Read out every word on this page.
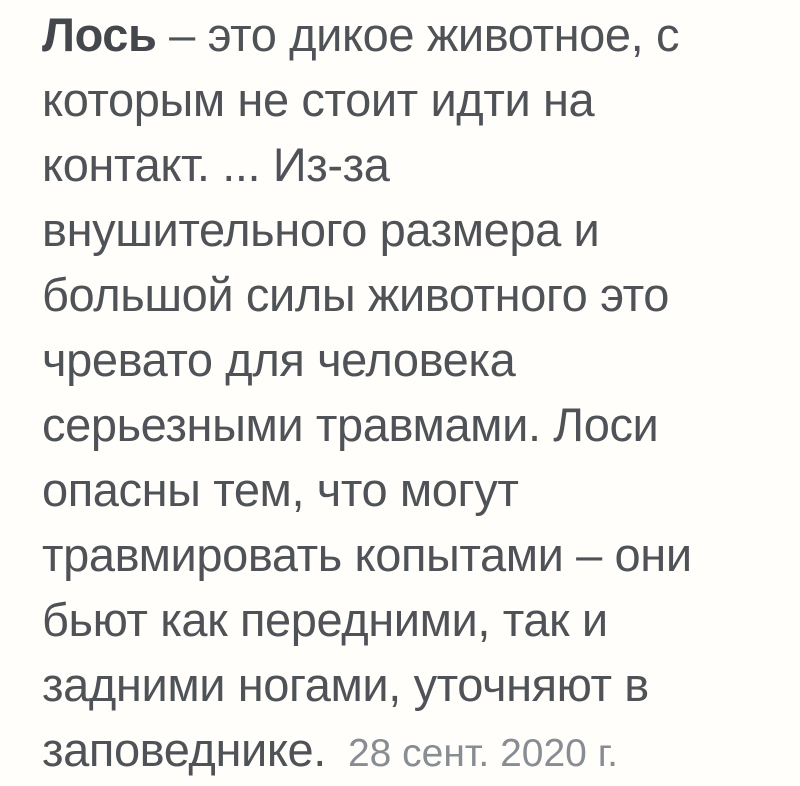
Лось – это дикое животное, с
которым не стоит идти на
контакт. ... Из-за
внушительного размера и
большой силы животного это
чревато для человека
серьезными травмами. Лоси
опасны тем, что могут
травмировать копытами – они
бьют как передними, так и
задними ногами, уточняют в
заповеднике. 28 сент. 2020 г.
